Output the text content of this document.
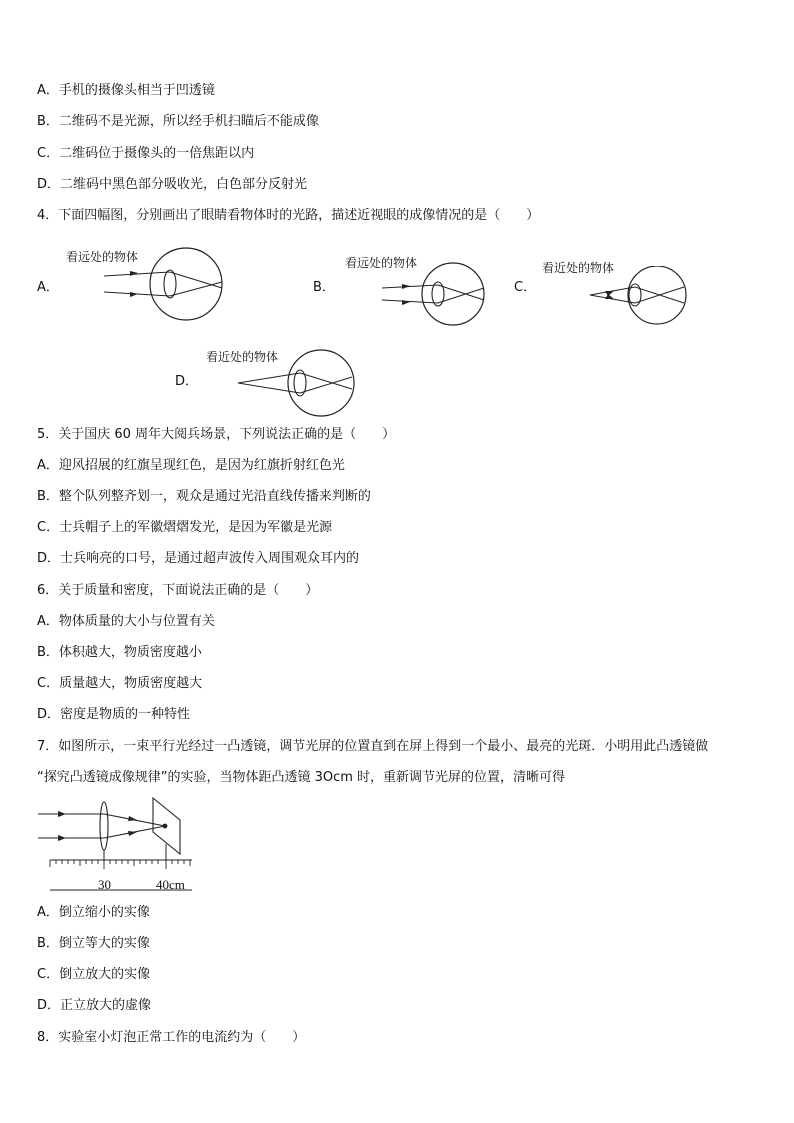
A．手机的摄像头相当于凹透镜
B．二维码不是光源，所以经手机扫瞄后不能成像
C．二维码位于摄像头的一倍焦距以内
D．二维码中黑色部分吸收光，白色部分反射光
4．下面四幅图，分别画出了眼睛看物体时的光路，描述近视眼的成像情况的是（　　）
A．
看远处的物体
B．
看远处的物体
C．
看近处的物体
D．
看近处的物体
5．关于国庆 60 周年大阅兵场景，下列说法正确的是（　　）
A．迎风招展的红旗呈现红色，是因为红旗折射红色光
B．整个队列整齐划一，观众是通过光沿直线传播来判断的
C．士兵帽子上的军徽熠熠发光，是因为军徽是光源
D．士兵响亮的口号，是通过超声波传入周围观众耳内的
6．关于质量和密度，下面说法正确的是（　　）
A．物体质量的大小与位置有关
B．体积越大，物质密度越小
C．质量越大，物质密度越大
D．密度是物质的一种特性
7．如图所示，一束平行光经过一凸透镜，调节光屏的位置直到在屏上得到一个最小、最亮的光斑．小明用此凸透镜做
“探究凸透镜成像规律”的实验，当物体距凸透镜 3Ocm 时，重新调节光屏的位置，清晰可得
30	40cm
A．倒立缩小的实像
B．倒立等大的实像
C．倒立放大的实像
D．正立放大的虚像
8．实验室小灯泡正常工作的电流约为（　　）
